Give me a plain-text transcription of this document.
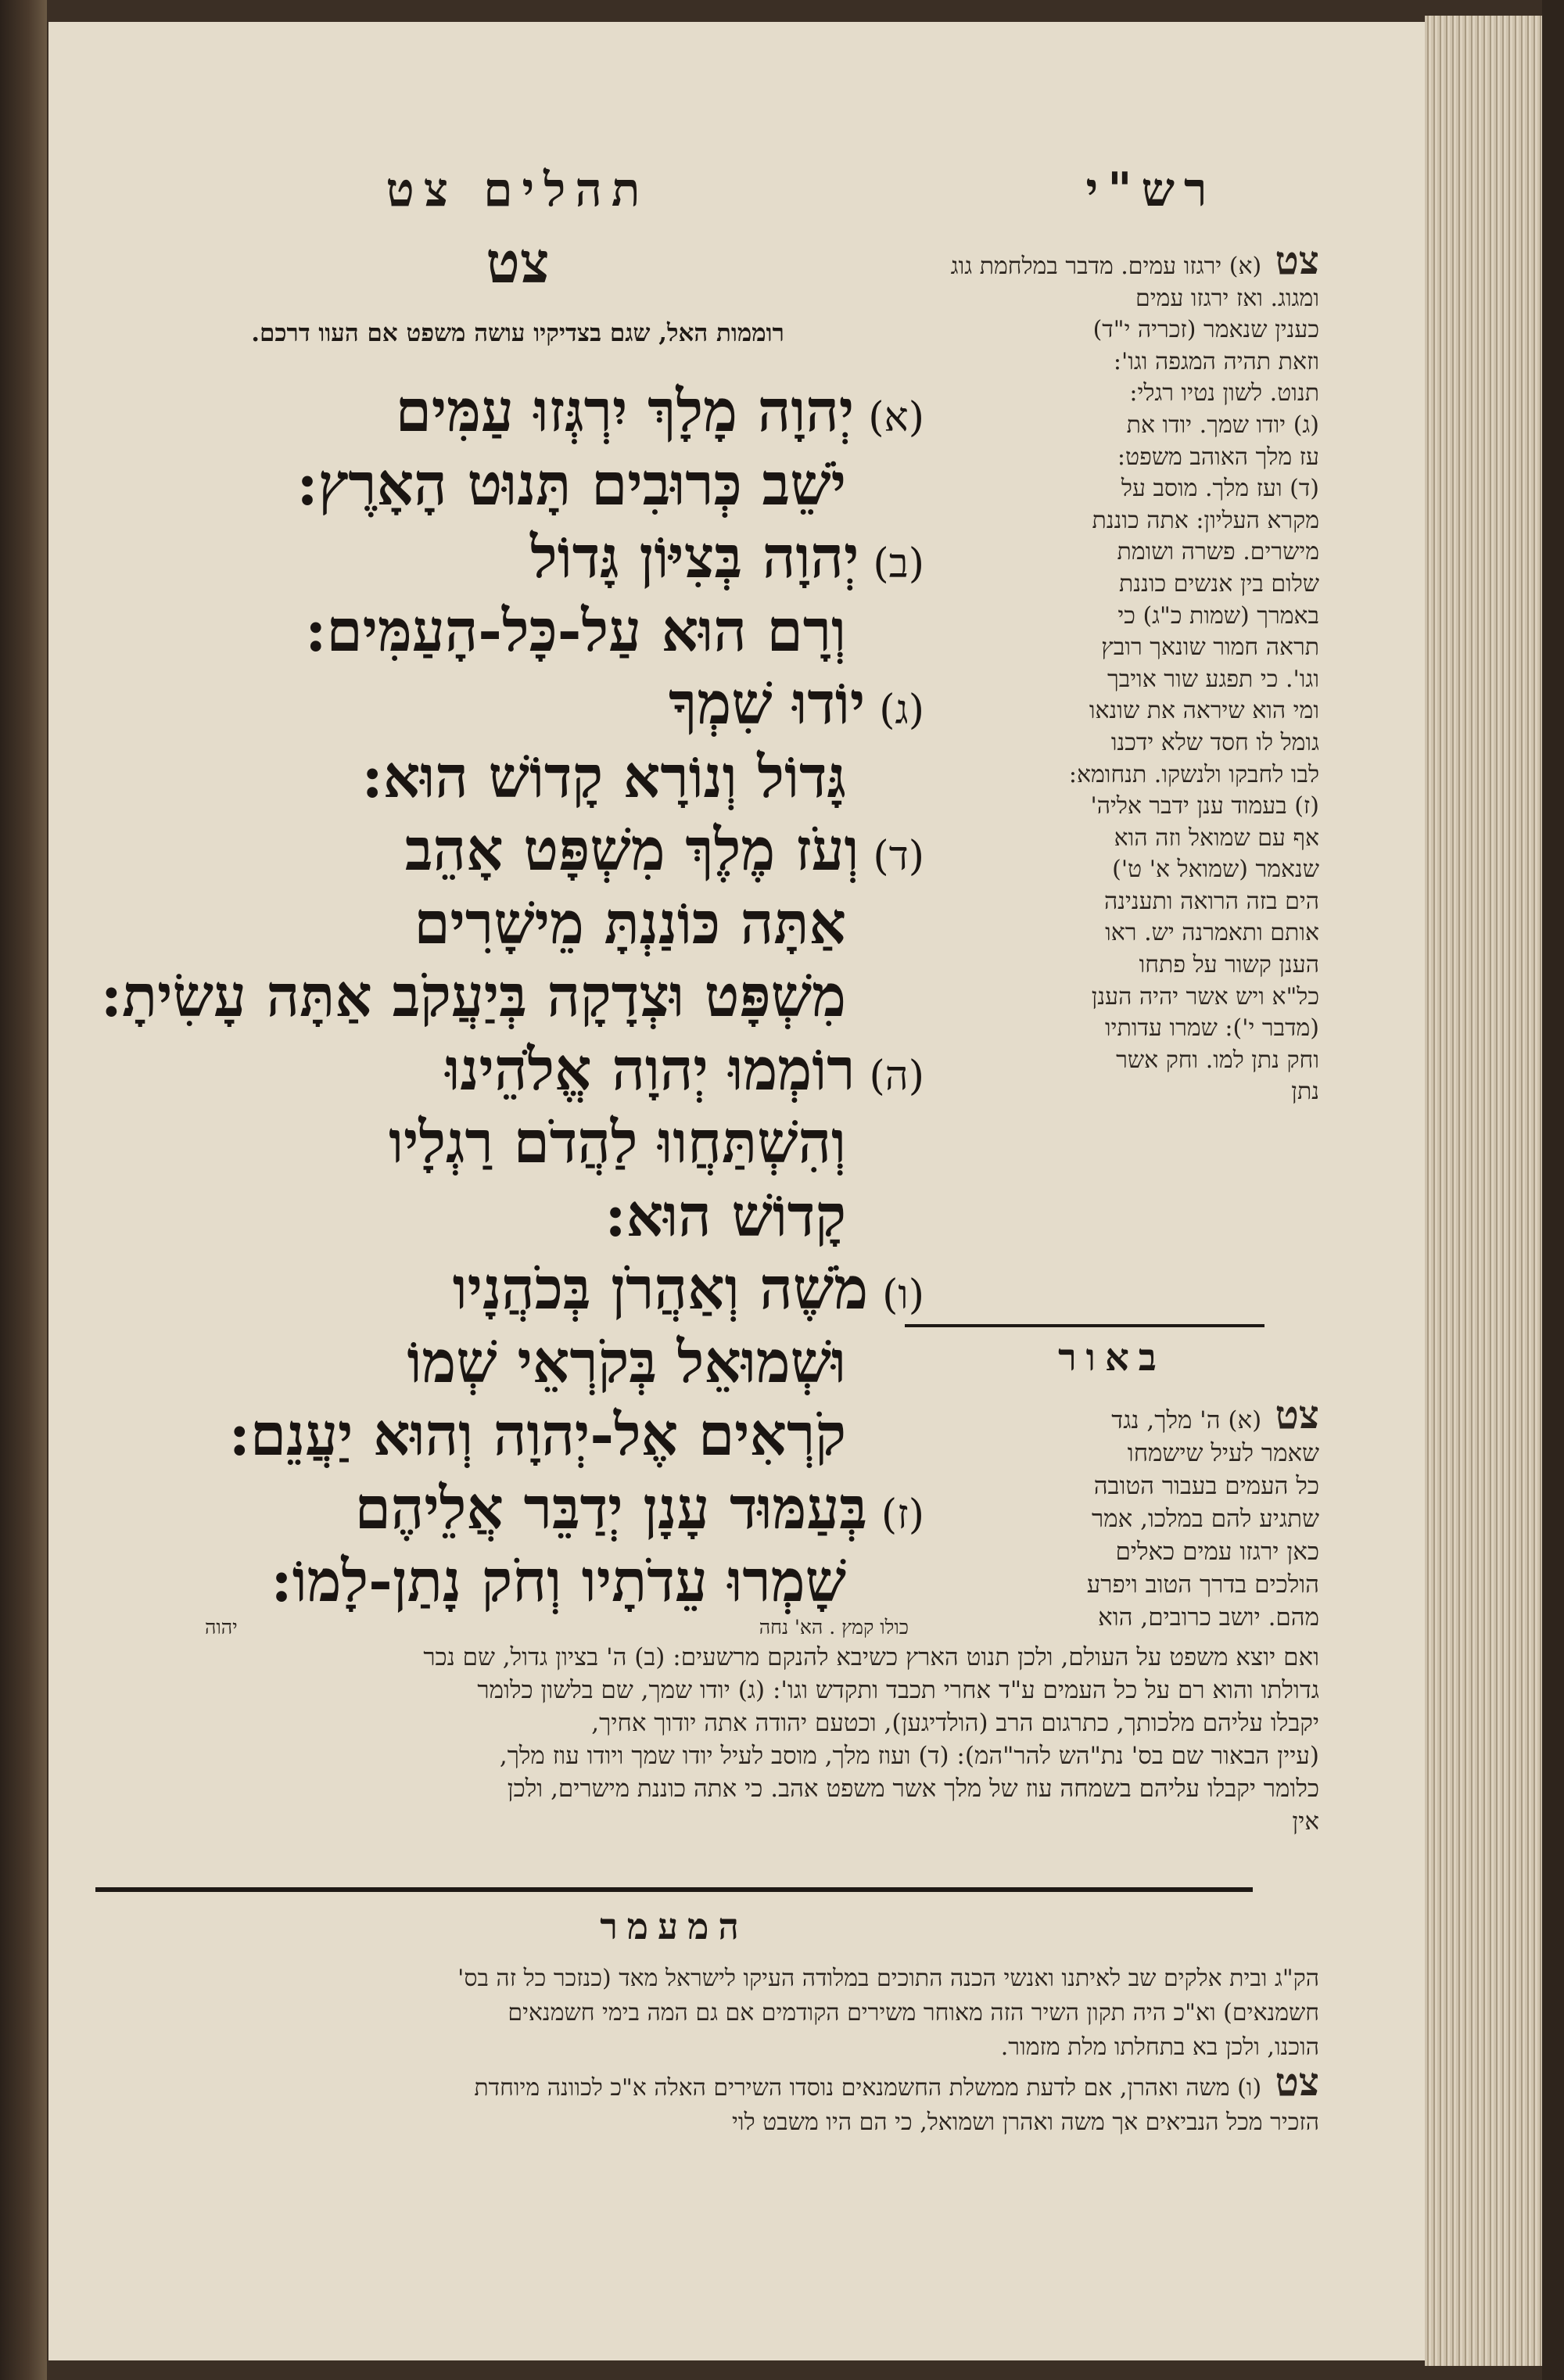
רש"י
תהלים צט
צט
רוממות האל, שגם בצדיקיו עושה משפט אם העוו דרכם.
(א)יְהוָה מָלָךְ יִרְגְּזוּ עַמִּים
יֹשֵׁב כְּרוּבִים תָּנוּט הָאָרֶץ:
(ב)יְהוָה בְּצִיּוֹן גָּדוֹל
וְרָם הוּא עַל-כָּל-הָעַמִּים:
(ג)יוֹדוּ שִׁמְךָ
גָּדוֹל וְנוֹרָא קָדוֹשׁ הוּא:
(ד)וְעֹז מֶלֶךְ מִשְׁפָּט אָהֵב
אַתָּה כּוֹנַנְתָּ מֵישָׁרִים
מִשְׁפָּט וּצְדָקָה בְּיַעֲקֹב אַתָּה עָשִׂיתָ:
(ה)רוֹמְמוּ יְהוָה אֱלֹהֵינוּ
וְהִשְׁתַּחֲווּ לַהֲדֹם רַגְלָיו
קָדוֹשׁ הוּא:
(ו)מֹשֶׁה וְאַהֲרֹן בְּכֹהֲנָיו
וּשְׁמוּאֵל בְּקֹרְאֵי שְׁמוֹ
קֹרְאִים אֶל-יְהוָה וְהוּא יַעֲנֵם:
(ז)בְּעַמּוּד עָנָן יְדַבֵּר אֲלֵיהֶם
שָׁמְרוּ עֵדֹתָיו וְחֹק נָתַן-לָמוֹ:
כולו קמץ . הא' נחה
יהוה
צט (א) ירגזו עמים. מדבר במלחמת גוג
ומגוג. ואז ירגזו עמים
כענין שנאמר (זכריה י"ד)
וזאת תהיה המגפה וגו':
תנוט. לשון נטיו רגלי:
(ג) יודו שמך. יודו את
עז מלך האוהב משפט:
(ד) ועז מלך. מוסב על
מקרא העליון: אתה כוננת
מישרים. פשרה ושומת
שלום בין אנשים כוננת
באמרך (שמות כ"ג) כי
תראה חמור שונאך רובץ
וגו'. כי תפגע שור אויבך
ומי הוא שיראה את שונאו
גומל לו חסד שלא ידכנו
לבו לחבקו ולנשקו. תנחומא:
(ז) בעמוד ענן ידבר אליה'
אף עם שמואל וזה הוא
שנאמר (שמואל א' ט')
הים בזה הרואה ותענינה
אותם ותאמרנה יש. ראו
הענן קשור על פתחו
כל"א ויש אשר יהיה הענן
(מדבר י'): שמרו עדותיו
וחק נתן למו. וחק אשר
נתן
באור
צט (א) ה' מלך, נגד
שאמר לעיל שישמחו
כל העמים בעבור הטובה
שתגיע להם במלכו, אמר
כאן ירגזו עמים כאלים
הולכים בדרך הטוב ויפרע
מהם. יושב כרובים, הוא
ואם יוצא משפט על העולם, ולכן תנוט הארץ כשיבא להנקם מרשעים: (ב) ה' בציון גדול, שם נכר
גדולתו והוא רם על כל העמים ע"ד אחרי תכבד ותקדש וגו': (ג) יודו שמך, שם בלשון כלומר
יקבלו עליהם מלכותך, כתרגום הרב (הולדיגען), וכטעם יהודה אתה יודוך אחיך,
(עיין הבאור שם בס' נת"הש להר"המ): (ד) ועוז מלך, מוסב לעיל יודו שמך ויודו עוז מלך,
כלומר יקבלו עליהם בשמחה עוז של מלך אשר משפט אהב. כי אתה כוננת מישרים, ולכן
אין
המעמר
הק"ג ובית אלקים שב לאיתנו ואנשי הכנה התוכים במלודה העיקו לישראל מאד (כנזכר כל זה בס'
חשמנאים) וא"כ היה תקון השיר הזה מאוחר משירים הקודמים אם גם המה בימי חשמנאים
הוכנו, ולכן בא בתחלתו מלת מזמור.
צט (ו) משה ואהרן, אם לדעת ממשלת החשמנאים נוסדו השירים האלה א"כ לכוונה מיוחדת
הזכיר מכל הנביאים אך משה ואהרן ושמואל, כי הם היו משבט לוי
